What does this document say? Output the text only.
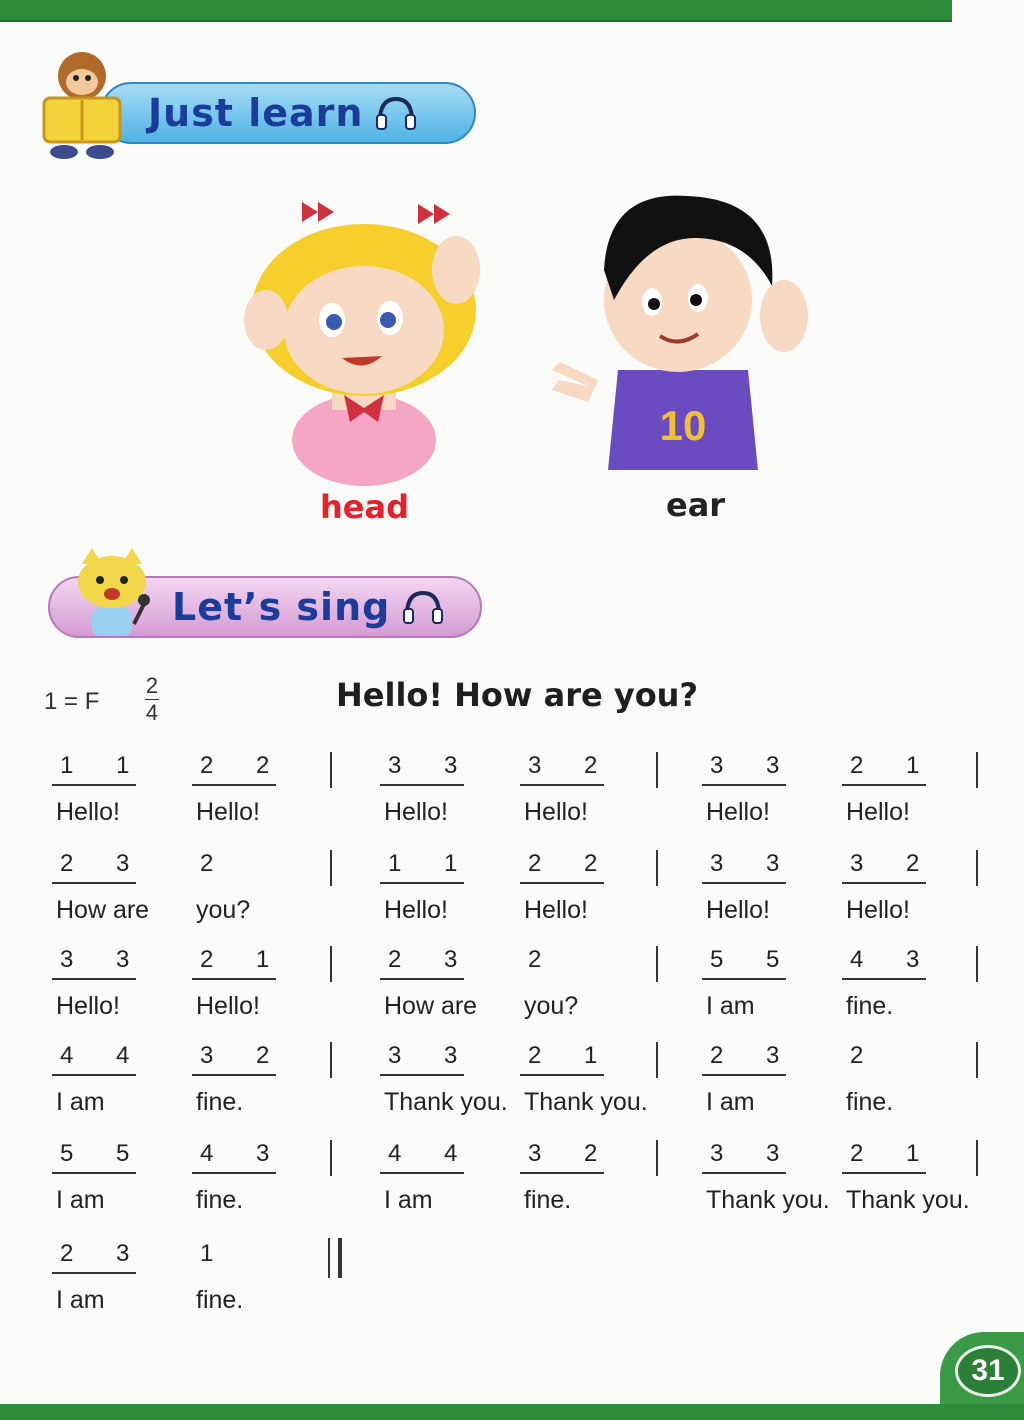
Just learn
10
head	ear
Let’s sing
1 = F
2
4	Hello! How are you?
1 1
Hello!
2 2
Hello!
3 3
Hello!
3 2
Hello!
3 3
Hello!
2 1
Hello!
2 3
How are
2
you?
1 1
Hello!
2 2
Hello!
3 3
Hello!
3 2
Hello!
3 3
Hello!
2 1
Hello!
2 3
How are
2
you?
5 5
I am
4 3
fine.
4 4
I am
3 2
fine.
3 3
Thank you.
2 1
Thank you.
2 3
I am
2
fine.
5 5
I am
4 3
fine.
4 4
I am
3 2
fine.
3 3
Thank you.
2 1
Thank you.
2 3
I am
1
fine.
31
